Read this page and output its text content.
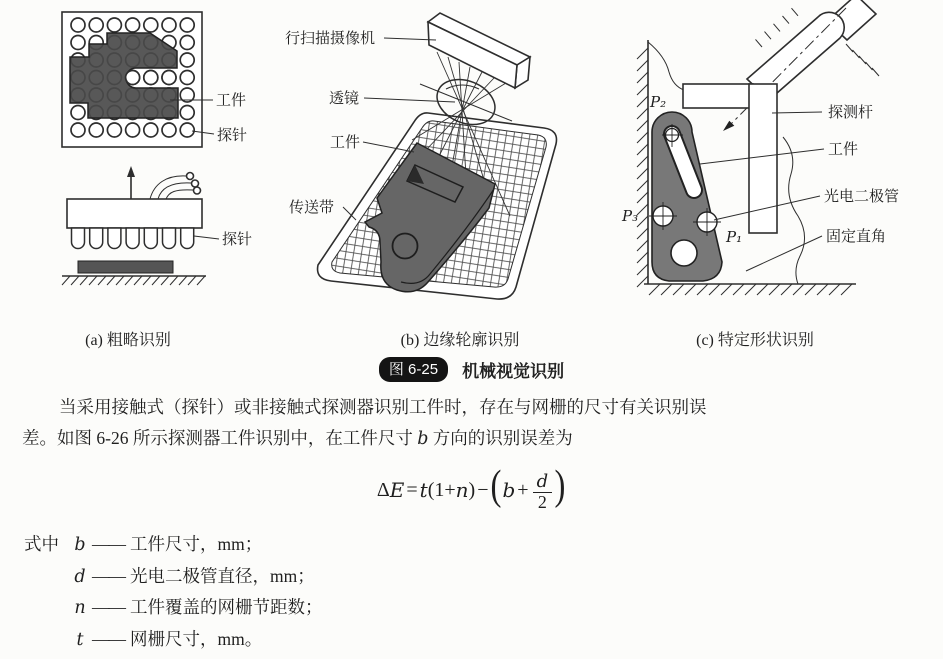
工件
探针
探针
行扫描摄像机
透镜
工件
传送带
P₂
P₃
P₁
探测杆
工件
光电二极管
固定直角
(a) 粗略识别	(b) 边缘轮廓识别	(c) 特定形状识别
图 6-25	机械视觉识别
当采用接触式（探针）或非接触式探测器识别工件时，存在与网栅的尺寸有关识别误
差。如图 6-26 所示探测器工件识别中，在工件尺寸 b 方向的识别误差为
Δ E = t (1+ n ) − ( $b + \frac{d}{2}$ )
式中 b —— 工件尺寸，mm；
d —— 光电二极管直径，mm；
n —— 工件覆盖的网栅节距数；
t —— 网栅尺寸，mm。
